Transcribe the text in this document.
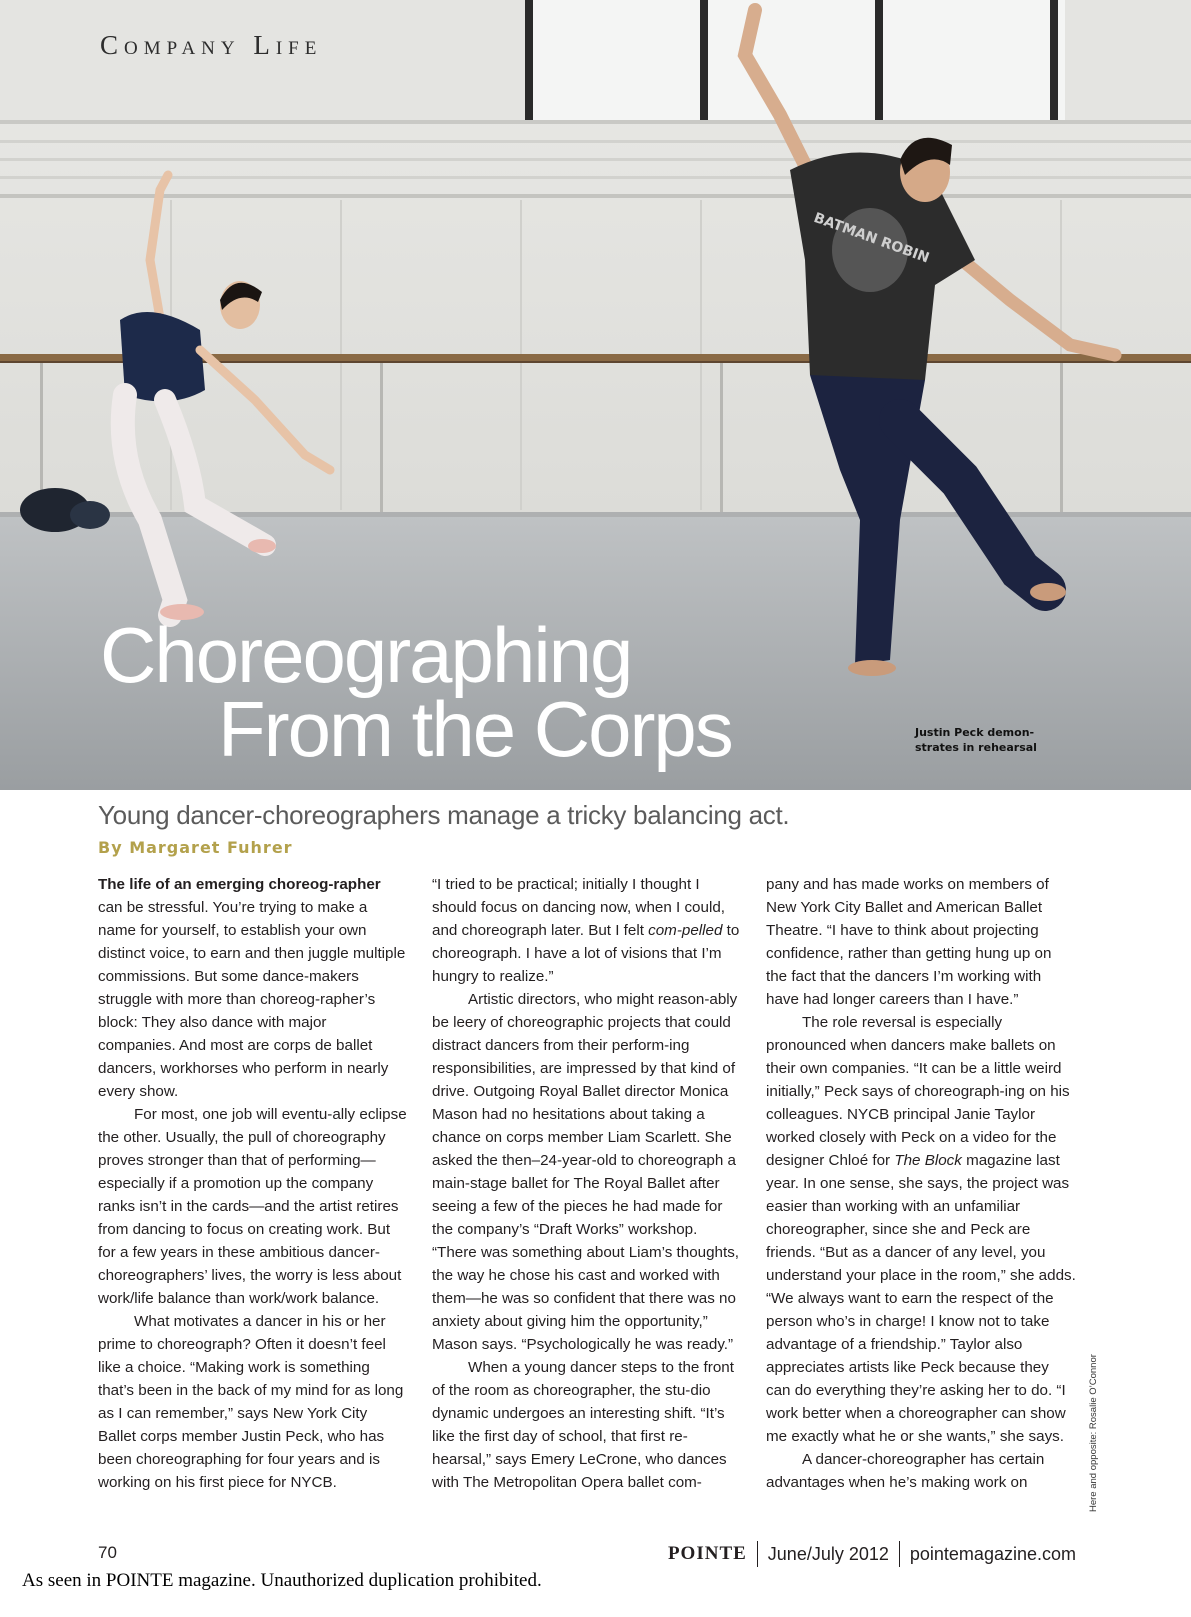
BATMAN ROBIN
Company Life
Choreographing
From the Corps	Justin Peck demon-
strates in rehearsal
Young dancer-choreographers manage a tricky balancing act.
By Margaret Fuhrer

The life of an emerging choreog-rapher can be stressful. You’re trying to make a name for yourself, to establish your own distinct voice, to earn and then juggle multiple commissions. But some dance-makers struggle with more than choreog-rapher’s block: They also dance with major companies. And most are corps de ballet dancers, workhorses who perform in nearly every show.

For most, one job will eventu-ally eclipse the other. Usually, the pull of choreography proves stronger than that of performing—especially if a promotion up the company ranks isn’t in the cards—and the artist retires from dancing to focus on creating work. But for a few years in these ambitious dancer-choreographers’ lives, the worry is less about work/life balance than work/work balance.

What motivates a dancer in his or her prime to choreograph? Often it doesn’t feel like a choice. “Making work is something that’s been in the back of my mind for as long as I can remember,” says New York City Ballet corps member Justin Peck, who has been choreographing for four years and is working on his first piece for NYCB.

“I tried to be practical; initially I thought I should focus on dancing now, when I could, and choreograph later. But I felt com-pelled to choreograph. I have a lot of visions that I’m hungry to realize.”

Artistic directors, who might reason-ably be leery of choreographic projects that could distract dancers from their perform-ing responsibilities, are impressed by that kind of drive. Outgoing Royal Ballet director Monica Mason had no hesitations about taking a chance on corps member Liam Scarlett. She asked the then–24-year-old to choreograph a main-stage ballet for The Royal Ballet after seeing a few of the pieces he had made for the company’s “Draft Works” workshop. “There was something about Liam’s thoughts, the way he chose his cast and worked with them—he was so confident that there was no anxiety about giving him the opportunity,” Mason says. “Psychologically he was ready.”

When a young dancer steps to the front of the room as choreographer, the stu-dio dynamic undergoes an interesting shift. “It’s like the first day of school, that first re-hearsal,” says Emery LeCrone, who dances with The Metropolitan Opera ballet com-

pany and has made works on members of New York City Ballet and American Ballet Theatre. “I have to think about projecting confidence, rather than getting hung up on the fact that the dancers I’m working with have had longer careers than I have.”

The role reversal is especially pronounced when dancers make ballets on their own companies. “It can be a little weird initially,” Peck says of choreograph-ing on his colleagues. NYCB principal Janie Taylor worked closely with Peck on a video for the designer Chloé for The Block magazine last year. In one sense, she says, the project was easier than working with an unfamiliar choreographer, since she and Peck are friends. “But as a dancer of any level, you understand your place in the room,” she adds. “We always want to earn the respect of the person who’s in charge! I know not to take advantage of a friendship.” Taylor also appreciates artists like Peck because they can do everything they’re asking her to do. “I work better when a choreographer can show me exactly what he or she wants,” she says.

A dancer-choreographer has certain advantages when he’s making work on	Here and opposite: Rosalie O’Connor
70	POINTE June/July 2012 pointemagazine.com
As seen in POINTE magazine. Unauthorized duplication prohibited.
